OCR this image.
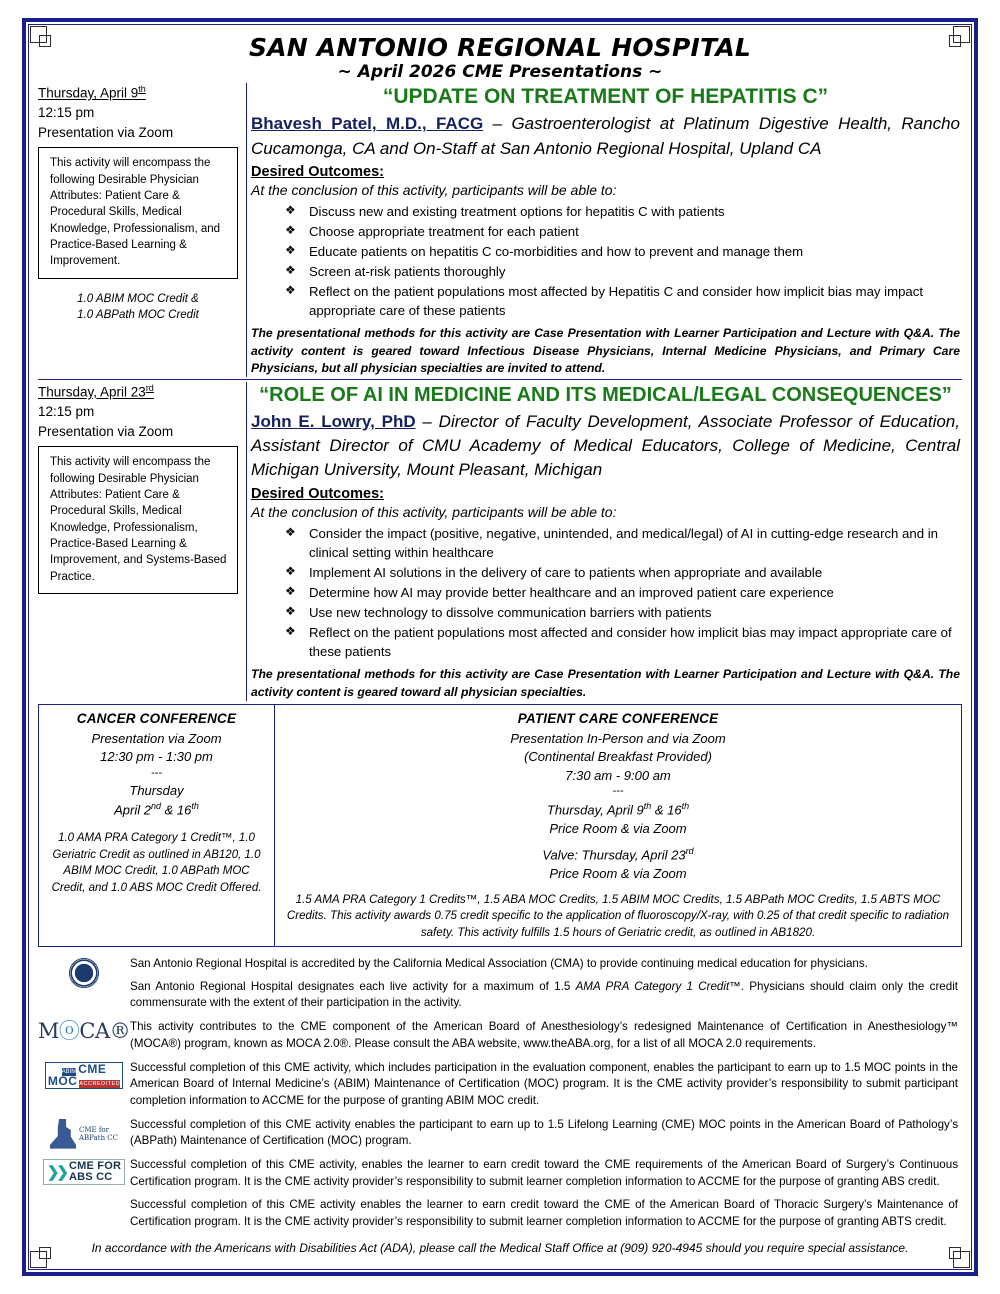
SAN ANTONIO REGIONAL HOSPITAL
~ April 2026 CME Presentations ~
Thursday, April 9th
12:15 pm
Presentation via Zoom
This activity will encompass the following Desirable Physician Attributes: Patient Care & Procedural Skills, Medical Knowledge, Professionalism, and Practice-Based Learning & Improvement.
1.0 ABIM MOC Credit &
1.0 ABPath MOC Credit
“UPDATE ON TREATMENT OF HEPATITIS C”
Bhavesh Patel, M.D., FACG – Gastroenterologist at Platinum Digestive Health, Rancho Cucamonga, CA and On-Staff at San Antonio Regional Hospital, Upland CA
Desired Outcomes:
At the conclusion of this activity, participants will be able to:
❖ Discuss new and existing treatment options for hepatitis C with patients
❖ Choose appropriate treatment for each patient
❖ Educate patients on hepatitis C co-morbidities and how to prevent and manage them
❖ Screen at-risk patients thoroughly
❖ Reflect on the patient populations most affected by Hepatitis C and consider how implicit bias may impact appropriate care of these patients
The presentational methods for this activity are Case Presentation with Learner Participation and Lecture with Q&A. The activity content is geared toward Infectious Disease Physicians, Internal Medicine Physicians, and Primary Care Physicians, but all physician specialties are invited to attend.
Thursday, April 23rd
12:15 pm
Presentation via Zoom
This activity will encompass the following Desirable Physician Attributes: Patient Care & Procedural Skills, Medical Knowledge, Professionalism, Practice-Based Learning & Improvement, and Systems-Based Practice.
“ROLE OF AI IN MEDICINE AND ITS MEDICAL/LEGAL CONSEQUENCES”
John E. Lowry, PhD – Director of Faculty Development, Associate Professor of Education, Assistant Director of CMU Academy of Medical Educators, College of Medicine, Central Michigan University, Mount Pleasant, Michigan
Desired Outcomes:
At the conclusion of this activity, participants will be able to:
❖ Consider the impact (positive, negative, unintended, and medical/legal) of AI in cutting-edge research and in clinical setting within healthcare
❖ Implement AI solutions in the delivery of care to patients when appropriate and available
❖ Determine how AI may provide better healthcare and an improved patient care experience
❖ Use new technology to dissolve communication barriers with patients
❖ Reflect on the patient populations most affected and consider how implicit bias may impact appropriate care of these patients
The presentational methods for this activity are Case Presentation with Learner Participation and Lecture with Q&A. The activity content is geared toward all physician specialties.
CANCER CONFERENCE
Presentation via Zoom
12:30 pm - 1:30 pm
---
Thursday
April 2nd & 16th
1.0 AMA PRA Category 1 Credit™, 1.0 Geriatric Credit as outlined in AB120, 1.0 ABIM MOC Credit, 1.0 ABPath MOC Credit, and 1.0 ABS MOC Credit Offered.
PATIENT CARE CONFERENCE
Presentation In-Person and via Zoom
(Continental Breakfast Provided)
7:30 am - 9:00 am
---
Thursday, April 9th & 16th
Price Room & via Zoom
Valve: Thursday, April 23rd
Price Room & via Zoom
1.5 AMA PRA Category 1 Credits™, 1.5 ABA MOC Credits, 1.5 ABIM MOC Credits, 1.5 ABPath MOC Credits, 1.5 ABTS MOC Credits. This activity awards 0.75 credit specific to the application of fluoroscopy/X-ray, with 0.25 of that credit specific to radiation safety. This activity fulfills 1.5 hours of Geriatric credit, as outlined in AB1820.

San Antonio Regional Hospital is accredited by the California Medical Association (CMA) to provide continuing medical education for physicians.

San Antonio Regional Hospital designates each live activity for a maximum of 1.5 AMA PRA Category 1 Credit™. Physicians should claim only the credit commensurate with the extent of their participation in the activity.

MⓞCA® This activity contributes to the CME component of the American Board of Anesthesiology’s redesigned Maintenance of Certification in Anesthesiology™ (MOCA®) program, known as MOCA 2.0®. Please consult the ABA website, www.theABA.org, for a list of all MOCA 2.0 requirements.

ABIM CME MOC ACCREDITED

Successful completion of this CME activity, which includes participation in the evaluation component, enables the participant to earn up to 1.5 MOC points in the American Board of Internal Medicine’s (ABIM) Maintenance of Certification (MOC) program. It is the CME activity provider’s responsibility to submit participant completion information to ACCME for the purpose of granting ABIM MOC credit.

CME for
ABPath CC

Successful completion of this CME activity enables the participant to earn up to 1.5 Lifelong Learning (CME) MOC points in the American Board of Pathology’s (ABPath) Maintenance of Certification (MOC) program.

❯❯ CME FOR
ABS CC

Successful completion of this CME activity, enables the learner to earn credit toward the CME requirements of the American Board of Surgery’s Continuous Certification program. It is the CME activity provider’s responsibility to submit learner completion information to ACCME for the purpose of granting ABS credit.

Successful completion of this CME activity enables the learner to earn credit toward the CME of the American Board of Thoracic Surgery’s Maintenance of Certification program. It is the CME activity provider’s responsibility to submit learner completion information to ACCME for the purpose of granting ABTS credit.

In accordance with the Americans with Disabilities Act (ADA), please call the Medical Staff Office at (909) 920-4945 should you require special assistance.
